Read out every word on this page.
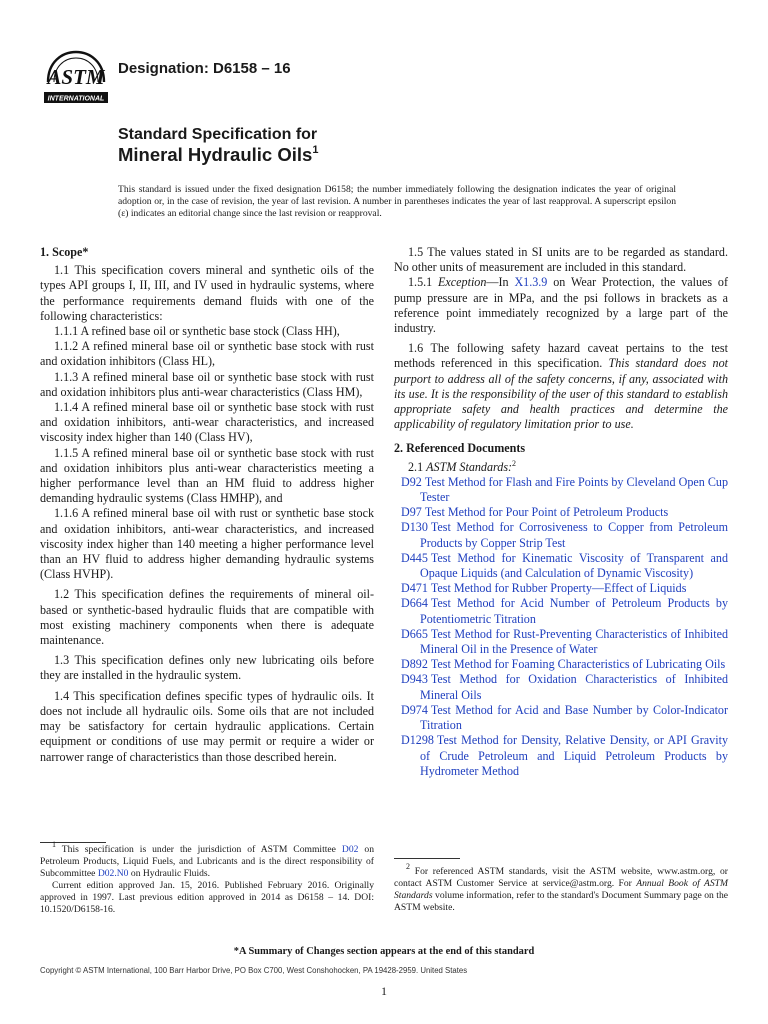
ASTM
INTERNATIONAL
Designation: D6158 – 16
Standard Specification for
Mineral Hydraulic Oils$^1$
This standard is issued under the fixed designation D6158; the number immediately following the designation indicates the year of original adoption or, in the case of revision, the year of last revision. A number in parentheses indicates the year of last reapproval. A superscript epsilon (ε) indicates an editorial change since the last revision or reapproval.

1. Scope*

1.1 This specification covers mineral and synthetic oils of the types API groups I, II, III, and IV used in hydraulic systems, where the performance requirements demand fluids with one of the following characteristics:

1.1.1 A refined base oil or synthetic base stock (Class HH),

1.1.2 A refined mineral base oil or synthetic base stock with rust and oxidation inhibitors (Class HL),

1.1.3 A refined mineral base oil or synthetic base stock with rust and oxidation inhibitors plus anti-wear characteristics (Class HM),

1.1.4 A refined mineral base oil or synthetic base stock with rust and oxidation inhibitors, anti-wear characteristics, and increased viscosity index higher than 140 (Class HV),

1.1.5 A refined mineral base oil or synthetic base stock with rust and oxidation inhibitors plus anti-wear characteristics meeting a higher performance level than an HM fluid to address higher demanding hydraulic systems (Class HMHP), and

1.1.6 A refined mineral base oil with rust or synthetic base stock and oxidation inhibitors, anti-wear characteristics, and increased viscosity index higher than 140 meeting a higher performance level than an HV fluid to address higher demanding hydraulic systems (Class HVHP).

1.2 This specification defines the requirements of mineral oil-based or synthetic-based hydraulic fluids that are compatible with most existing machinery components when there is adequate maintenance.

1.3 This specification defines only new lubricating oils before they are installed in the hydraulic system.

1.4 This specification defines specific types of hydraulic oils. It does not include all hydraulic oils. Some oils that are not included may be satisfactory for certain hydraulic applications. Certain equipment or conditions of use may permit or require a wider or narrower range of characteristics than those described herein.

1.5 The values stated in SI units are to be regarded as standard. No other units of measurement are included in this standard.

1.5.1 Exception—In X1.3.9 on Wear Protection, the values of pump pressure are in MPa, and the psi follows in brackets as a reference point immediately recognized by a large part of the industry.

1.6 The following safety hazard caveat pertains to the test methods referenced in this specification. This standard does not purport to address all of the safety concerns, if any, associated with its use. It is the responsibility of the user of this standard to establish appropriate safety and health practices and determine the applicability of regulatory limitation prior to use.

2. Referenced Documents

2.1 ASTM Standards:$^2$

D92 Test Method for Flash and Fire Points by Cleveland Open Cup Tester

D97 Test Method for Pour Point of Petroleum Products

D130 Test Method for Corrosiveness to Copper from Petroleum Products by Copper Strip Test

D445 Test Method for Kinematic Viscosity of Transparent and Opaque Liquids (and Calculation of Dynamic Viscosity)

D471 Test Method for Rubber Property—Effect of Liquids

D664 Test Method for Acid Number of Petroleum Products by Potentiometric Titration

D665 Test Method for Rust-Preventing Characteristics of Inhibited Mineral Oil in the Presence of Water

D892 Test Method for Foaming Characteristics of Lubricating Oils

D943 Test Method for Oxidation Characteristics of Inhibited Mineral Oils

D974 Test Method for Acid and Base Number by Color-Indicator Titration

D1298 Test Method for Density, Relative Density, or API Gravity of Crude Petroleum and Liquid Petroleum Products by Hydrometer Method

$^1$ This specification is under the jurisdiction of ASTM Committee D02 on Petroleum Products, Liquid Fuels, and Lubricants and is the direct responsibility of Subcommittee D02.N0 on Hydraulic Fluids.

Current edition approved Jan. 15, 2016. Published February 2016. Originally approved in 1997. Last previous edition approved in 2014 as D6158 – 14. DOI: 10.1520/D6158-16.

$^2$ For referenced ASTM standards, visit the ASTM website, www.astm.org, or contact ASTM Customer Service at service@astm.org. For Annual Book of ASTM Standards volume information, refer to the standard's Document Summary page on the ASTM website.

*A Summary of Changes section appears at the end of this standard
Copyright © ASTM International, 100 Barr Harbor Drive, PO Box C700, West Conshohocken, PA 19428-2959. United States
1
